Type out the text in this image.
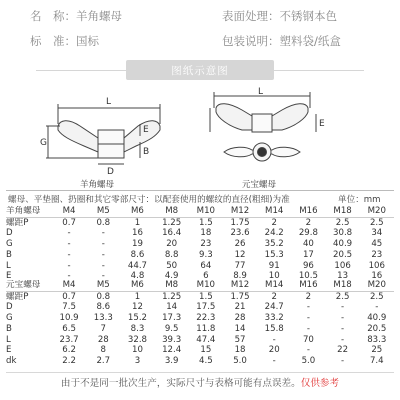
名　称：羊角螺母
标　准：国标
表面处理：不锈钢本色
包装说明：塑料袋/纸盒
图纸示意图
L
G
E
D
B
羊角螺母
L
E
元宝螺母
螺母、平垫圈、扔圈和其它零部尺寸：以配套使用的螺纹的直径(粗细)为准	单位：mm
羊角螺母	M4	M5	M6	M8	M10	M12	M14	M16	M18	M20
螺距P	0.7	0.8	1	1.25	1.5	1.75	2	2	2.5	2.5
D	-	-	16	16.4	18	23.6	24.2	29.8	30.8	34
G	-	-	19	20	23	26	35.2	40	40.9	45
B	-	-	8.6	8.8	9.3	12	15.3	17	20.5	23
L	-	-	44.7	50	64	77	91	96	106	106
E	-	-	4.8	4.9	6	8.9	10	10.5	13	16
元宝螺母	M4	M5	M6	M8	M10	M12	M14	M16	M18	M20
螺距P	0.7	0.8	1	1.25	1.5	1.75	2	2	2.5	2.5
D	7.5	8.6	12	14	17.5	21	24.7	-	-	-
G	10.9	13.3	15.2	17.3	22.3	28	33.2	-	-	40.9
B	6.5	7	8.3	9.5	11.8	14	15.8	-	-	20.5
L	23.7	28	32.8	39.3	47.4	57	-	70	-	83.3
E	6.2	8	10	12.4	15	18	20	-	22	25
dk	2.2	2.7	3	3.9	4.5	5.0	-	5.0	-	7.4
由于不是同一批次生产，实际尺寸与表格可能有点误差。仅供参考
